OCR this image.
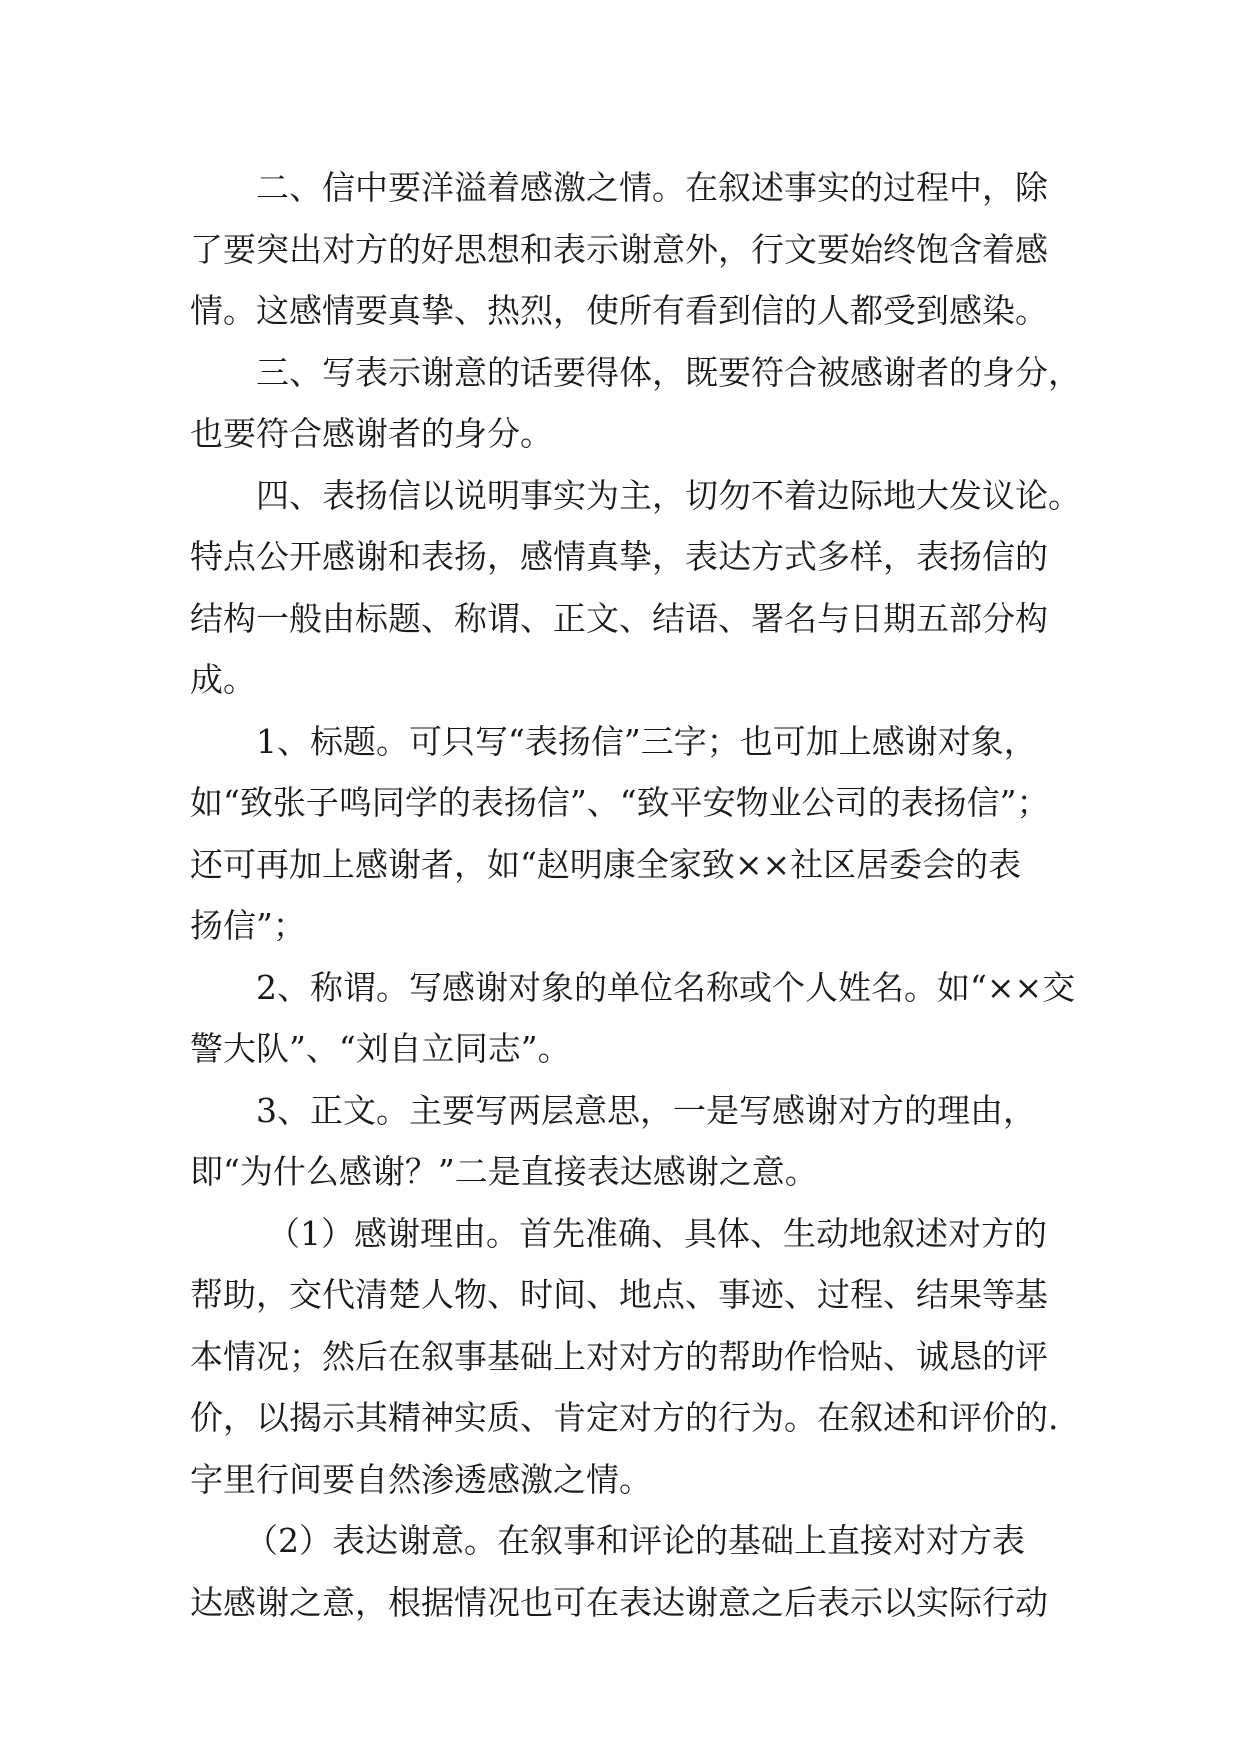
二、信中要洋溢着感激之情。在叙述事实的过程中，除
了要突出对方的好思想和表示谢意外，行文要始终饱含着感
情。这感情要真挚、热烈，使所有看到信的人都受到感染。
三、写表示谢意的话要得体，既要符合被感谢者的身分，
也要符合感谢者的身分。
四、表扬信以说明事实为主，切勿不着边际地大发议论。
特点公开感谢和表扬，感情真挚，表达方式多样，表扬信的
结构一般由标题、称谓、正文、结语、署名与日期五部分构
成。
1、标题。可只写“表扬信”三字；也可加上感谢对象，
如“致张子鸣同学的表扬信”、“致平安物业公司的表扬信”；
还可再加上感谢者，如“赵明康全家致××社区居委会的表
扬信”；
2、称谓。写感谢对象的单位名称或个人姓名。如“××交
警大队”、“刘自立同志”。
3、正文。主要写两层意思，一是写感谢对方的理由，
即“为什么感谢？”二是直接表达感谢之意。
（1）感谢理由。首先准确、具体、生动地叙述对方的
帮助，交代清楚人物、时间、地点、事迹、过程、结果等基
本情况；然后在叙事基础上对对方的帮助作恰贴、诚恳的评
价，以揭示其精神实质、肯定对方的行为。在叙述和评价的.
字里行间要自然渗透感激之情。
（2）表达谢意。在叙事和评论的基础上直接对对方表
达感谢之意，根据情况也可在表达谢意之后表示以实际行动
